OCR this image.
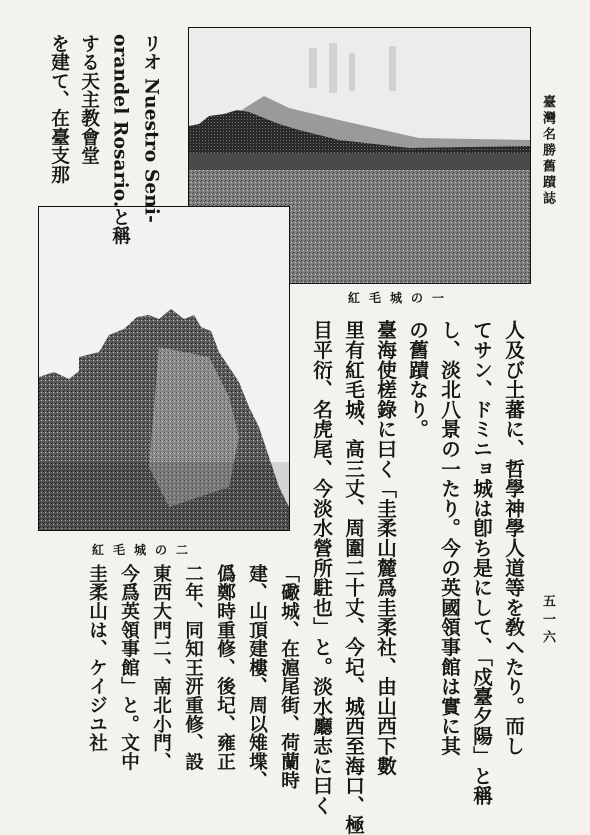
臺灣名勝舊蹟誌
五一六
紅毛城の一
紅毛城の二
を建て、在臺支那 する天主教會堂 orandel Rosario.と稱 リオ Nuestro Seni-
人及び土蕃に、哲學神學人道等を敎へたり。而し
てサン、ドミニョ城は卽ち是にして、「戍臺夕陽」と稱
し、淡北八景の一たり。今の英國領事館は實に其
の舊蹟なり。
臺海使槎錄に曰く「圭柔山麓爲圭柔社、由山西下數
里有紅毛城、高三丈、周圍二十丈、今圮、城西至海口、極
目平衍、名虎尾、今淡水營所駐也」と。淡水廳志に曰く
「礮城、在滬尾街、荷蘭時
建、山頂建樓、周以雉堞、
僞鄭時重修、後圮、雍正
二年、同知王汧重修、設
東西大門二、南北小門、
今爲英領事館」と。文中
圭柔山は、ケイジユ社
